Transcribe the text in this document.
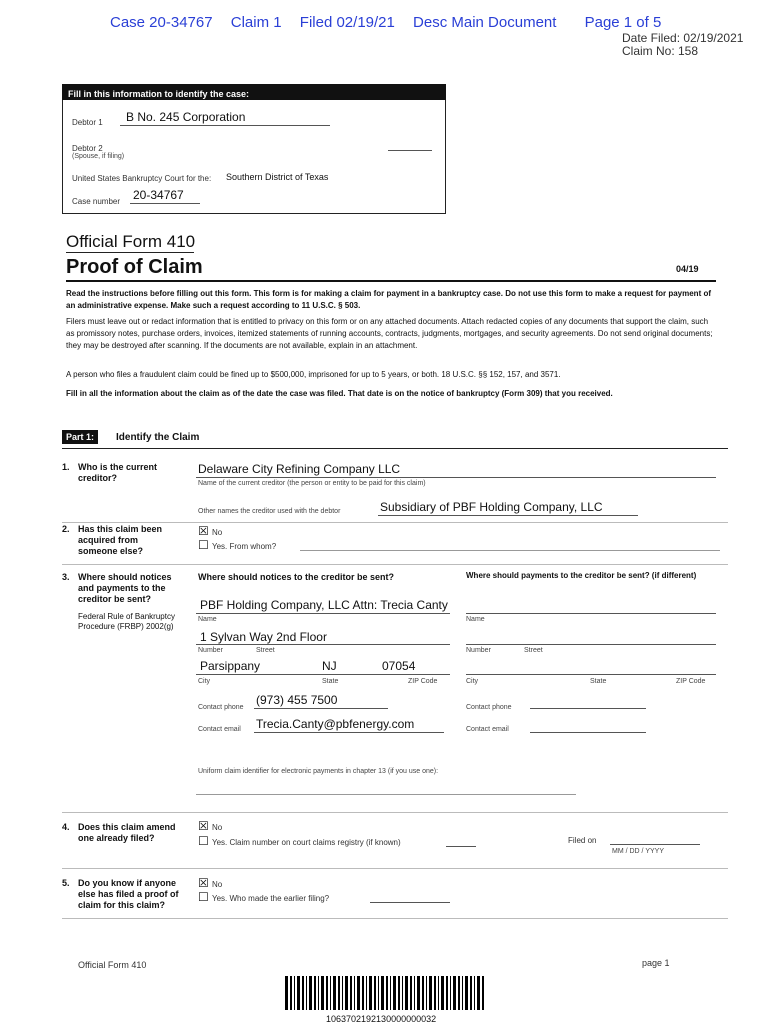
Case 20-34767 Claim 1 Filed 02/19/21 Desc Main Document Page 1 of 5
Date Filed: 02/19/2021
Claim No: 158
Fill in this information to identify the case:
Debtor 1 B No. 245 Corporation
Debtor 2
(Spouse, if filing)
United States Bankruptcy Court for the: Southern District of Texas
Case number 20-34767
Official Form 410
Proof of Claim	04/19
Read the instructions before filling out this form. This form is for making a claim for payment in a bankruptcy case. Do not use this form to make a request for payment of an administrative expense. Make such a request according to 11 U.S.C. § 503.
Filers must leave out or redact information that is entitled to privacy on this form or on any attached documents. Attach redacted copies of any documents that support the claim, such as promissory notes, purchase orders, invoices, itemized statements of running accounts, contracts, judgments, mortgages, and security agreements. Do not send original documents; they may be destroyed after scanning. If the documents are not available, explain in an attachment.
A person who files a fraudulent claim could be fined up to $500,000, imprisoned for up to 5 years, or both. 18 U.S.C. §§ 152, 157, and 3571.
Fill in all the information about the claim as of the date the case was filed. That date is on the notice of bankruptcy (Form 309) that you received.
Part 1:	Identify the Claim
1. Who is the current creditor?
Delaware City Refining Company LLC
Name of the current creditor (the person or entity to be paid for this claim)
Other names the creditor used with the debtor	Subsidiary of PBF Holding Company, LLC
2. Has this claim been acquired from someone else?
☒ No
☐ Yes. From whom?
3. Where should notices and payments to the creditor be sent?
Federal Rule of Bankruptcy Procedure (FRBP) 2002(g)
Where should notices to the creditor be sent?	Where should payments to the creditor be sent? (if different)
PBF Holding Company, LLC Attn: Trecia Canty
Name	Name
1 Sylvan Way 2nd Floor
Number	Street	Number	Street
Parsippany	NJ	07054
City	State	ZIP Code	City	State	ZIP Code
Contact phone
(973) 455 7500
Contact phone
Contact email Trecia.Canty@pbfenergy.com	Contact email
Uniform claim identifier for electronic payments in chapter 13 (if you use one):
4. Does this claim amend one already filed?
☒ No
☐ Yes. Claim number on court claims registry (if known)	Filed on
MM / DD / YYYY
5. Do you know if anyone else has filed a proof of claim for this claim?
☒ No
☐ Yes. Who made the earlier filing?
Official Form 410	page 1
1063702192130000000032
